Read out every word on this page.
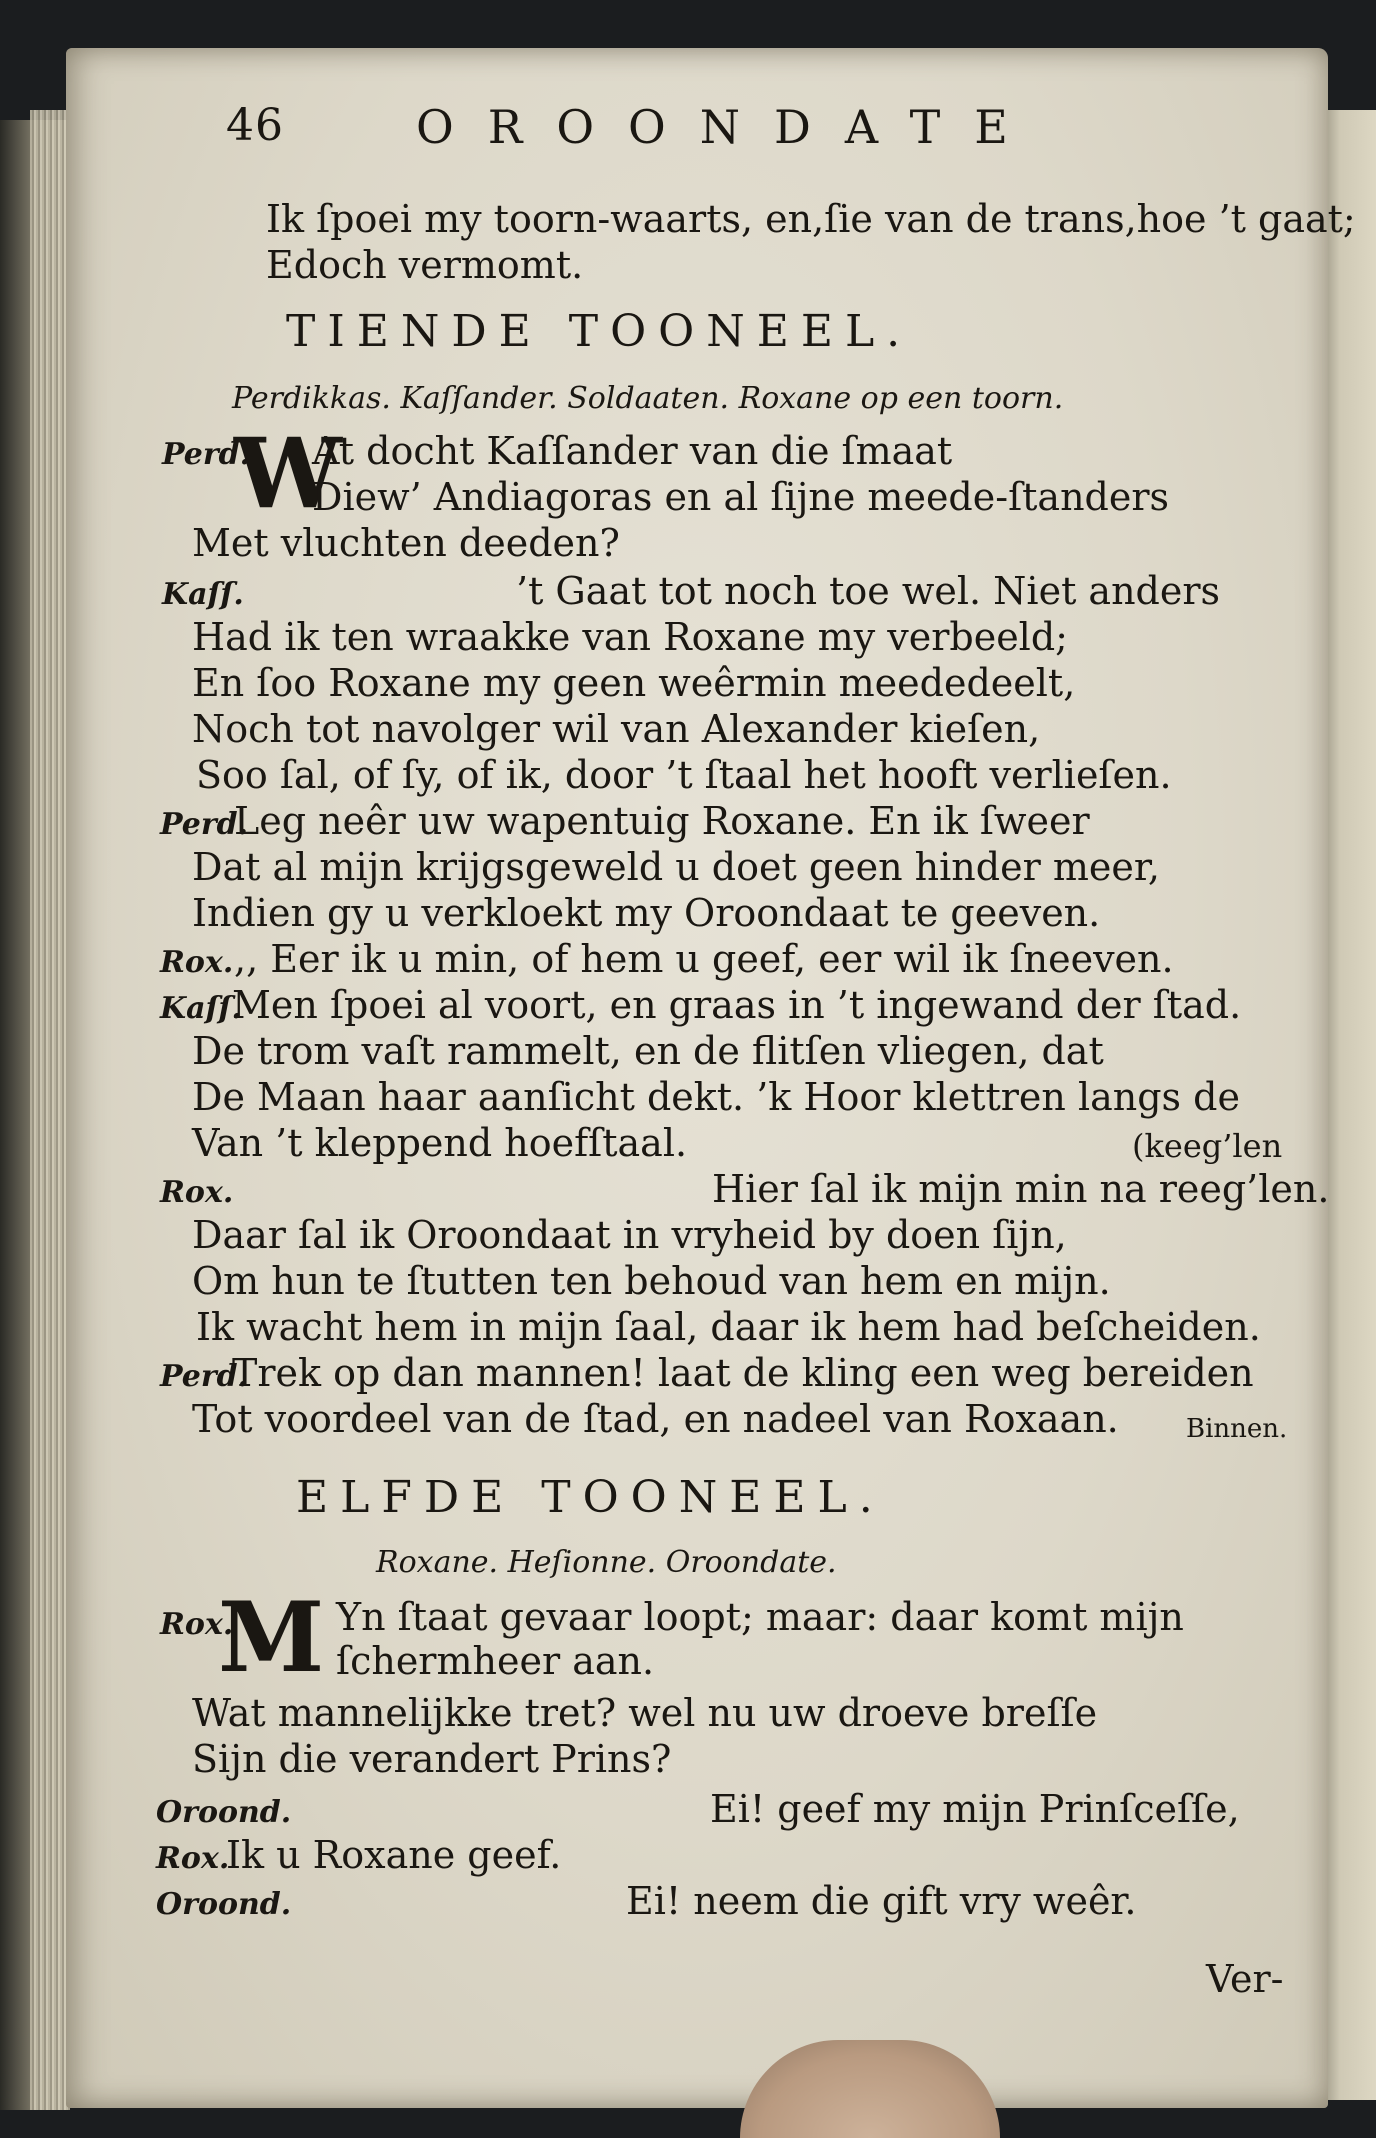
46	OROONDATE
Ik ſpoei my toorn-waarts, en,ſie van de trans,hoe ’t gaat;
Edoch vermomt.
TIENDE TOONEEL.
Perdikkas. Kaſſander. Soldaaten. Roxane op een toorn.
W
Perd. At docht Kaſſander van die ſmaat
Diew’ Andiagoras en al ſijne meede-ſtanders
Met vluchten deeden?
Kaſſ.	’t Gaat tot noch toe wel. Niet anders
Had ik ten wraakke van Roxane my verbeeld;
En ſoo Roxane my geen weêrmin meededeelt,
Noch tot navolger wil van Alexander kieſen,
Soo ſal, of ſy, of ik, door ’t ſtaal het hooft verlieſen.
Perd.
Leg neêr uw wapentuig Roxane. En ik ſweer
Dat al mijn krijgsgeweld u doet geen hinder meer,
Indien gy u verkloekt my Oroondaat te geeven.
Rox. ,, Eer ik u min, of hem u geef, eer wil ik ſneeven.
Kaſſ.
Men ſpoei al voort, en graas in ’t ingewand der ſtad.
De trom vaſt rammelt, en de flitſen vliegen, dat
De Maan haar aanſicht dekt. ’k Hoor klettren langs de
Van ’t kleppend hoefſtaal.	(keeg’len
Rox.	Hier ſal ik mijn min na reeg’len.
Daar ſal ik Oroondaat in vryheid by doen ſijn,
Om hun te ſtutten ten behoud van hem en mijn.
Ik wacht hem in mijn ſaal, daar ik hem had beſcheiden.
Perd.
Trek op dan mannen! laat de kling een weg bereiden
Tot voordeel van de ſtad, en nadeel van Roxaan.	Binnen.
ELFDE TOONEEL.
Roxane. Heſionne. Oroondate.
M
Rox.	Yn ſtaat gevaar loopt; maar: daar komt mijn
ſchermheer aan.
Wat mannelijkke tret? wel nu uw droeve breſſe
Sijn die verandert Prins?
Oroond.	Ei! geef my mijn Prinſceſſe,
Rox.
Ik u Roxane geef.
Oroond.	Ei! neem die gift vry weêr.
Ver-
